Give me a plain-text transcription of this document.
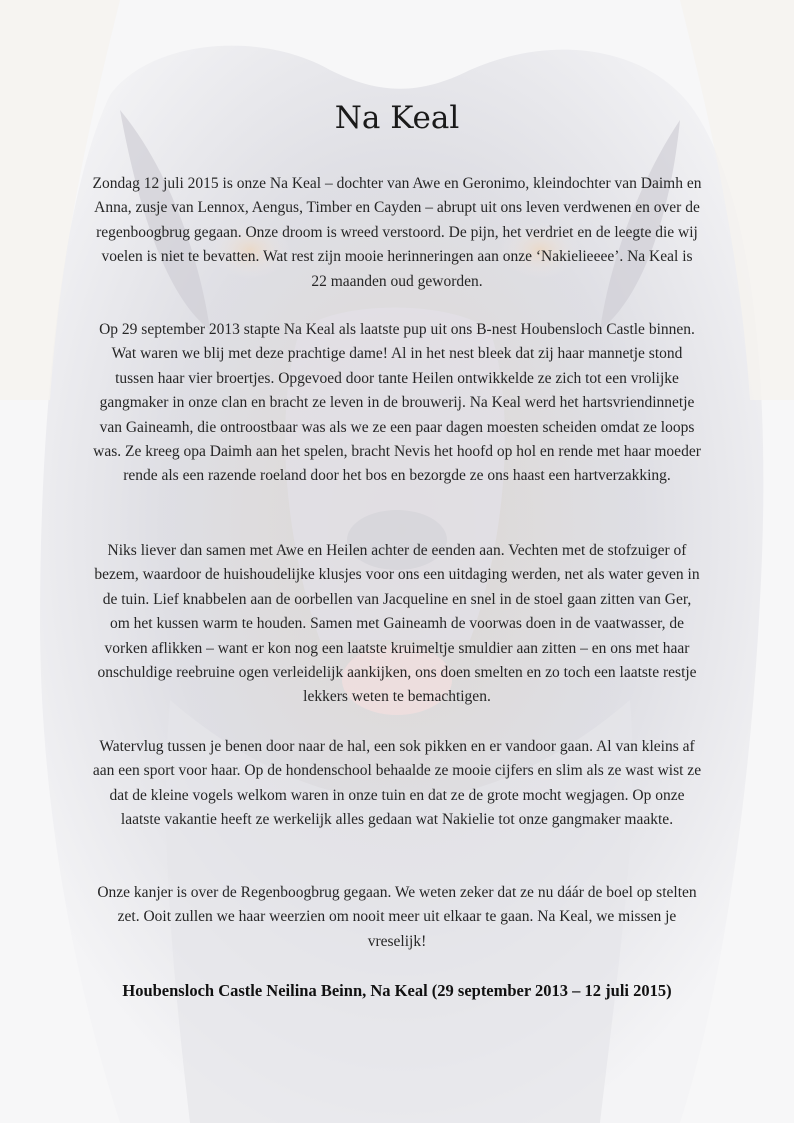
Na Keal

Zondag 12 juli 2015 is onze Na Keal – dochter van Awe en Geronimo, kleindochter van Daimh en Anna, zusje van Lennox, Aengus, Timber en Cayden – abrupt uit ons leven verdwenen en over de regenboogbrug gegaan. Onze droom is wreed verstoord. De pijn, het verdriet en de leegte die wij voelen is niet te bevatten. Wat rest zijn mooie herinneringen aan onze ‘Nakielieeee’. Na Keal is 22 maanden oud geworden.

Op 29 september 2013 stapte Na Keal als laatste pup uit ons B-nest Houbensloch Castle binnen. Wat waren we blij met deze prachtige dame! Al in het nest bleek dat zij haar mannetje stond tussen haar vier broertjes. Opgevoed door tante Heilen ontwikkelde ze zich tot een vrolijke gangmaker in onze clan en bracht ze leven in de brouwerij. Na Keal werd het hartsvriendinnetje van Gaineamh, die ontroostbaar was als we ze een paar dagen moesten scheiden omdat ze loops was. Ze kreeg opa Daimh aan het spelen, bracht Nevis het hoofd op hol en rende met haar moeder rende als een razende roeland door het bos en bezorgde ze ons haast een hartverzakking.

Niks liever dan samen met Awe en Heilen achter de eenden aan. Vechten met de stofzuiger of bezem, waardoor de huishoudelijke klusjes voor ons een uitdaging werden, net als water geven in de tuin. Lief knabbelen aan de oorbellen van Jacqueline en snel in de stoel gaan zitten van Ger, om het kussen warm te houden. Samen met Gaineamh de voorwas doen in de vaatwasser, de vorken aflikken – want er kon nog een laatste kruimeltje smuldier aan zitten – en ons met haar onschuldige reebruine ogen verleidelijk aankijken, ons doen smelten en zo toch een laatste restje lekkers weten te bemachtigen.

Watervlug tussen je benen door naar de hal, een sok pikken en er vandoor gaan. Al van kleins af aan een sport voor haar. Op de hondenschool behaalde ze mooie cijfers en slim als ze wast wist ze dat de kleine vogels welkom waren in onze tuin en dat ze de grote mocht wegjagen. Op onze laatste vakantie heeft ze werkelijk alles gedaan wat Nakielie tot onze gangmaker maakte.

Onze kanjer is over de Regenboogbrug gegaan. We weten zeker dat ze nu dáár de boel op stelten zet. Ooit zullen we haar weerzien om nooit meer uit elkaar te gaan. Na Keal, we missen je vreselijk!

Houbensloch Castle Neilina Beinn, Na Keal (29 september 2013 – 12 juli 2015)
